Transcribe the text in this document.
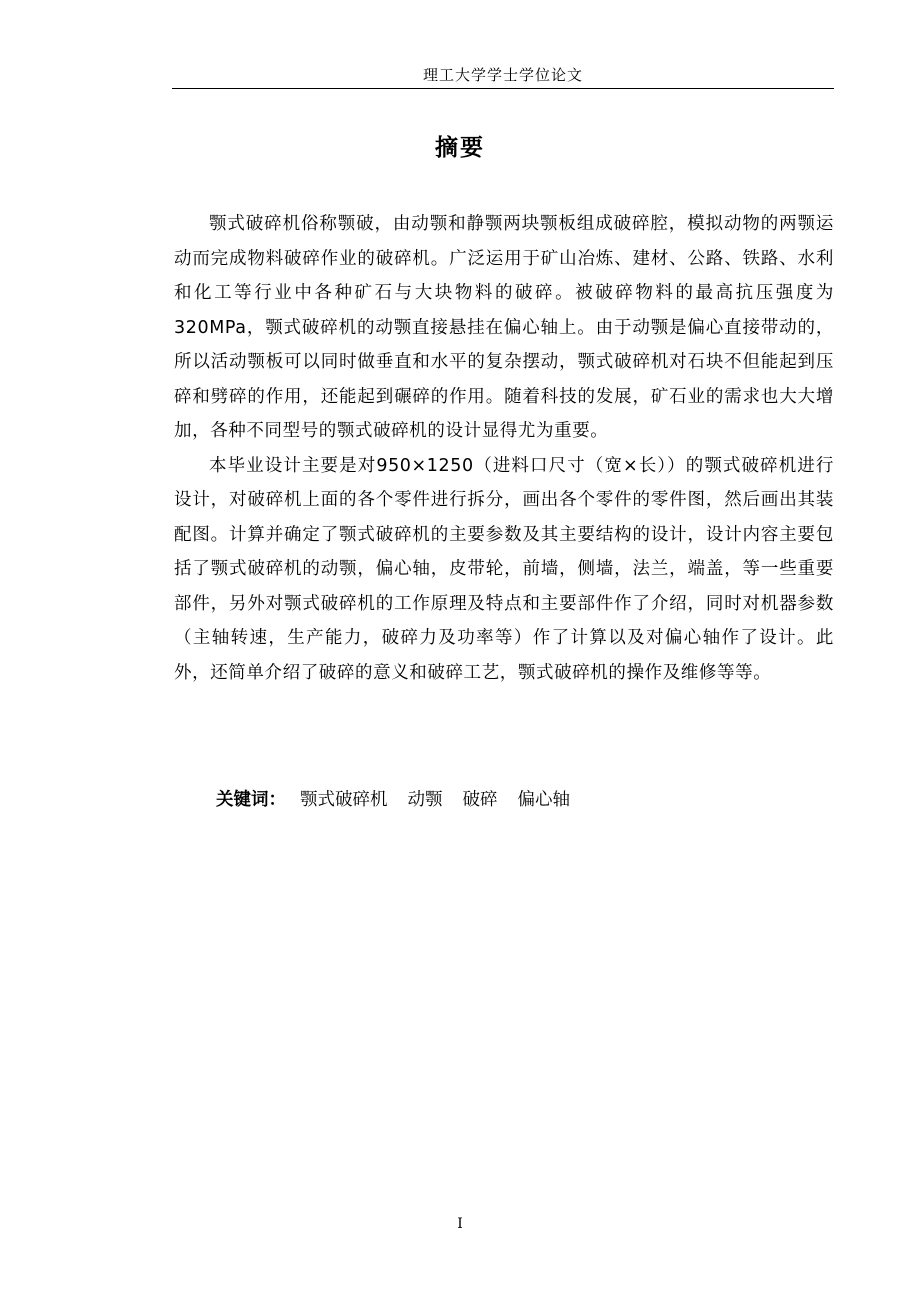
理工大学学士学位论文
摘要

颚式破碎机俗称颚破，由动颚和静颚两块颚板组成破碎腔，模拟动物的两颚运动而完成物料破碎作业的破碎机。广泛运用于矿山冶炼、建材、公路、铁路、水利和化工等行业中各种矿石与大块物料的破碎。被破碎物料的最高抗压强度为320MPa，颚式破碎机的动颚直接悬挂在偏心轴上。由于动颚是偏心直接带动的，所以活动颚板可以同时做垂直和水平的复杂摆动，颚式破碎机对石块不但能起到压碎和劈碎的作用，还能起到碾碎的作用。随着科技的发展，矿石业的需求也大大增加，各种不同型号的颚式破碎机的设计显得尤为重要。

本毕业设计主要是对950×1250（进料口尺寸（宽×长））的颚式破碎机进行设计，对破碎机上面的各个零件进行拆分，画出各个零件的零件图，然后画出其装配图。计算并确定了颚式破碎机的主要参数及其主要结构的设计，设计内容主要包括了颚式破碎机的动颚，偏心轴，皮带轮，前墙，侧墙，法兰，端盖，等一些重要部件，另外对颚式破碎机的工作原理及特点和主要部件作了介绍，同时对机器参数（主轴转速，生产能力，破碎力及功率等）作了计算以及对偏心轴作了设计。此外，还简单介绍了破碎的意义和破碎工艺，颚式破碎机的操作及维修等等。

关键词： 颚式破碎机 动颚 破碎 偏心轴
I
